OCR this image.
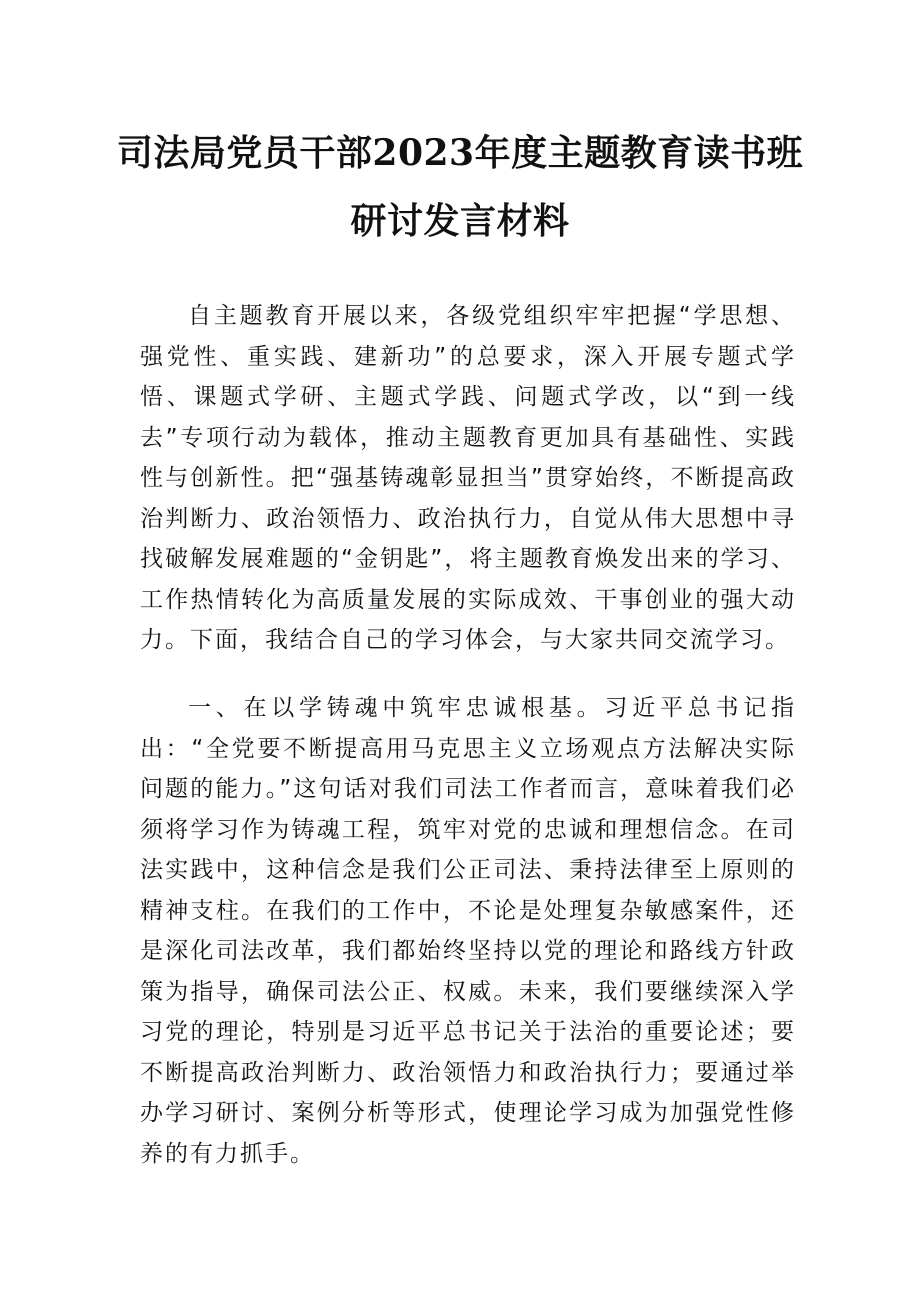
司法局党员干部2023年度主题教育读书班
研讨发言材料

自主题教育开展以来，各级党组织牢牢把握“学思想、强党性、重实践、建新功”的总要求，深入开展专题式学悟、课题式学研、主题式学践、问题式学改，以“到一线去”专项行动为载体，推动主题教育更加具有基础性、实践性与创新性。把“强基铸魂彰显担当”贯穿始终，不断提高政治判断力、政治领悟力、政治执行力，自觉从伟大思想中寻找破解发展难题的“金钥匙”，将主题教育焕发出来的学习、工作热情转化为高质量发展的实际成效、干事创业的强大动力。下面，我结合自己的学习体会，与大家共同交流学习。

一、在以学铸魂中筑牢忠诚根基。习近平总书记指出：“全党要不断提高用马克思主义立场观点方法解决实际问题的能力。”这句话对我们司法工作者而言，意味着我们必须将学习作为铸魂工程，筑牢对党的忠诚和理想信念。在司法实践中，这种信念是我们公正司法、秉持法律至上原则的精神支柱。在我们的工作中，不论是处理复杂敏感案件，还是深化司法改革，我们都始终坚持以党的理论和路线方针政策为指导，确保司法公正、权威。未来，我们要继续深入学习党的理论，特别是习近平总书记关于法治的重要论述；要不断提高政治判断力、政治领悟力和政治执行力；要通过举办学习研讨、案例分析等形式，使理论学习成为加强党性修养的有力抓手。
